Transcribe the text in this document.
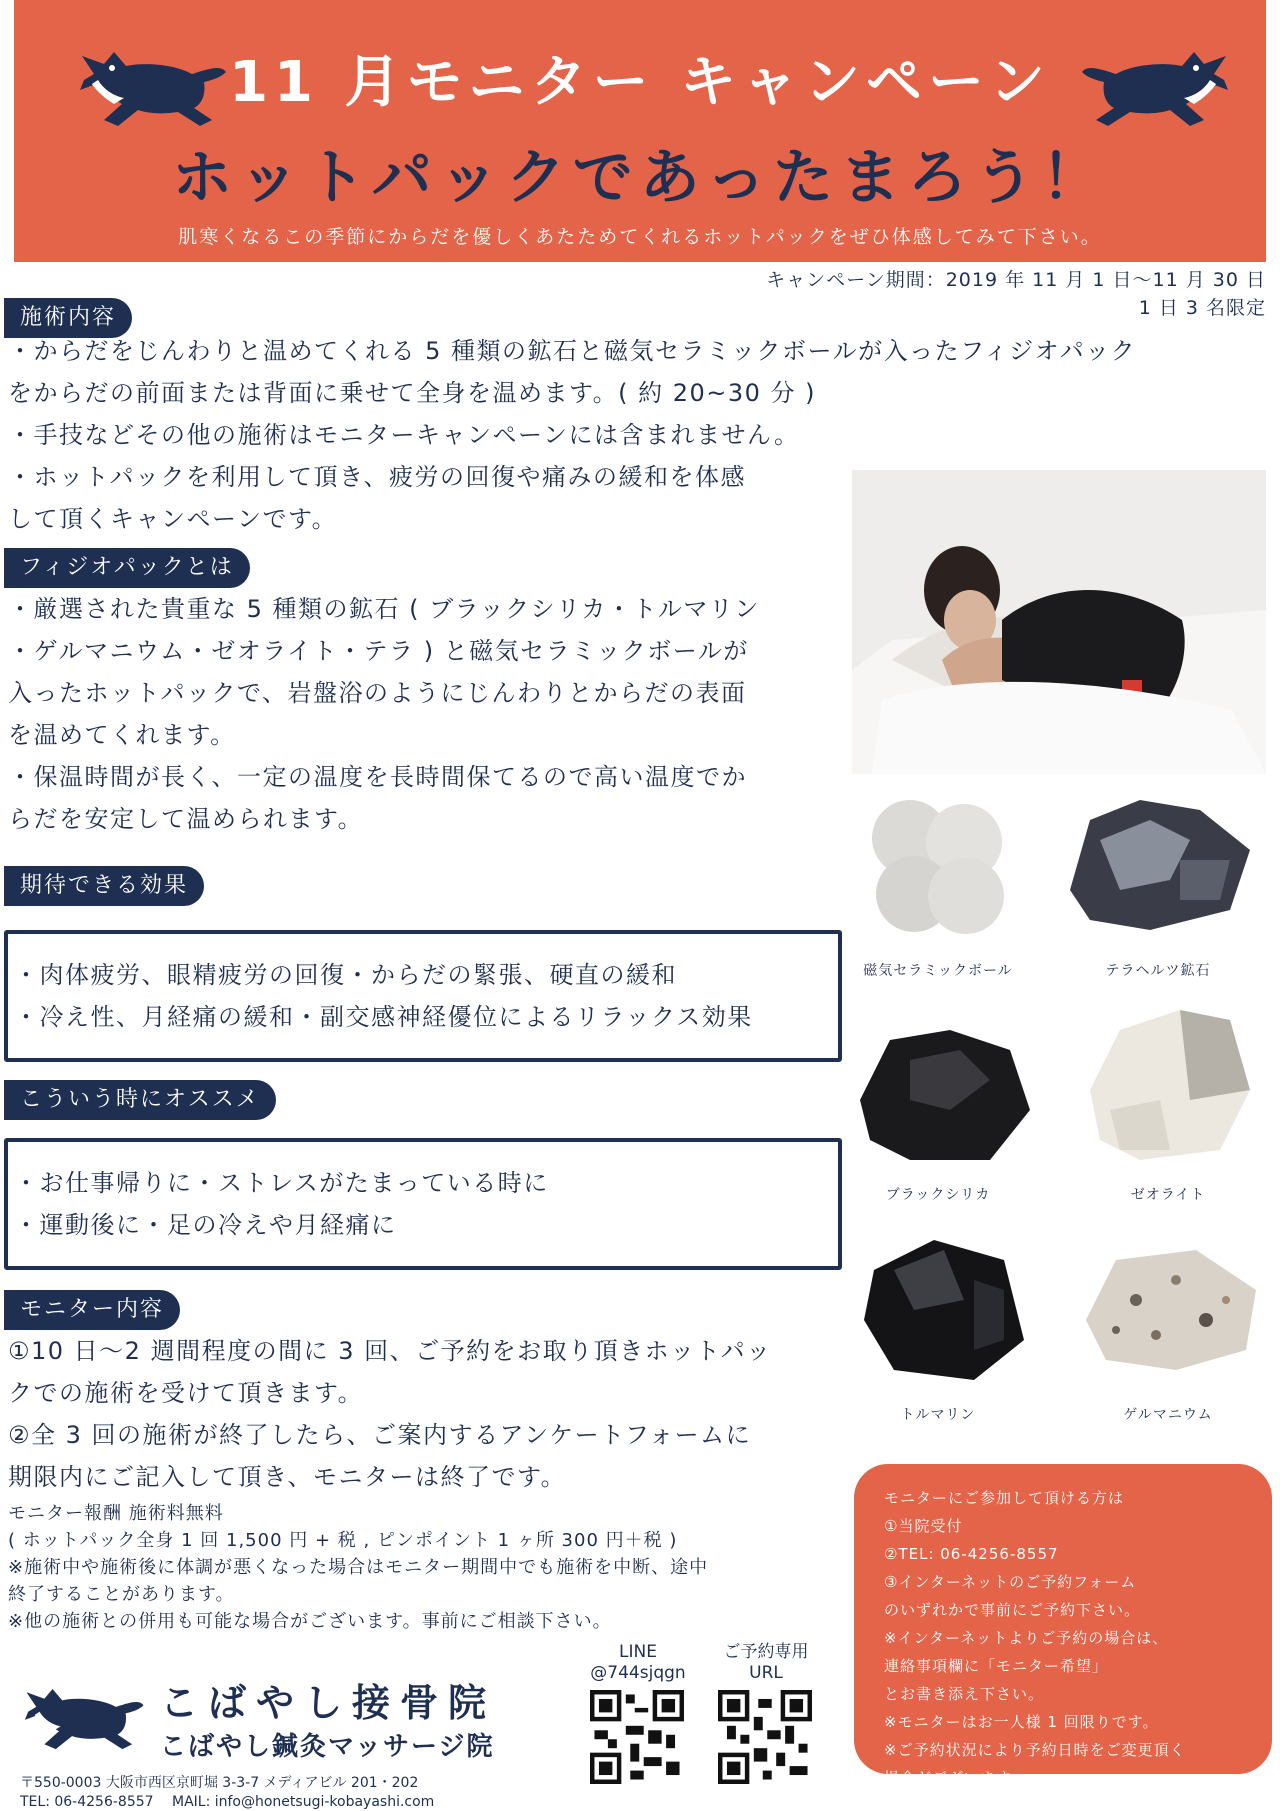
11 月モニター キャンペーン
ホットパックであったまろう！
肌寒くなるこの季節にからだを優しくあたためてくれるホットパックをぜひ体感してみて下さい。
キャンペーン期間：2019 年 11 月 1 日～11 月 30 日
1 日 3 名限定
施術内容
・からだをじんわりと温めてくれる 5 種類の鉱石と磁気セラミックボールが入ったフィジオパック
をからだの前面または背面に乗せて全身を温めます。( 約 20~30 分 )
・手技などその他の施術はモニターキャンペーンには含まれません。
・ホットパックを利用して頂き、疲労の回復や痛みの緩和を体感
して頂くキャンペーンです。
フィジオパックとは
・厳選された貴重な 5 種類の鉱石 ( ブラックシリカ・トルマリン
・ゲルマニウム・ゼオライト・テラ ) と磁気セラミックボールが
入ったホットパックで、岩盤浴のようにじんわりとからだの表面
を温めてくれます。
・保温時間が長く、一定の温度を長時間保てるので高い温度でか
らだを安定して温められます。
期待できる効果
・肉体疲労、眼精疲労の回復・からだの緊張、硬直の緩和
・冷え性、月経痛の緩和・副交感神経優位によるリラックス効果
こういう時にオススメ
・お仕事帰りに・ストレスがたまっている時に
・運動後に・足の冷えや月経痛に
モニター内容
①10 日～2 週間程度の間に 3 回、ご予約をお取り頂きホットパッ
クでの施術を受けて頂きます。
②全 3 回の施術が終了したら、ご案内するアンケートフォームに
期限内にご記入して頂き、モニターは終了です。
モニター報酬 施術料無料
( ホットパック全身 1 回 1,500 円 + 税 , ピンポイント 1 ヶ所 300 円＋税 )
※施術中や施術後に体調が悪くなった場合はモニター期間中でも施術を中断、途中
終了することがあります。
※他の施術との併用も可能な場合がございます。事前にご相談下さい。
磁気セラミックボール	テラヘルツ鉱石
ブラックシリカ	ゼオライト
トルマリン	ゲルマニウム
モニターにご参加して頂ける方は
①当院受付
②TEL: 06-4256-8557
③インターネットのご予約フォーム
のいずれかで事前にご予約下さい。
※インターネットよりご予約の場合は、
連絡事項欄に「モニター希望」
とお書き添え下さい。
※モニターはお一人様 1 回限りです。
※ご予約状況により予約日時をご変更頂く
場合がございます。
こばやし接骨院
こばやし鍼灸マッサージ院
〒550-0003 大阪市西区京町堀 3-3-7 メディアビル 201・202
LINE
@744sjqgn
ご予約専用
URL
TEL: 06-4256-8557　 MAIL: info@honetsugi-kobayashi.com
